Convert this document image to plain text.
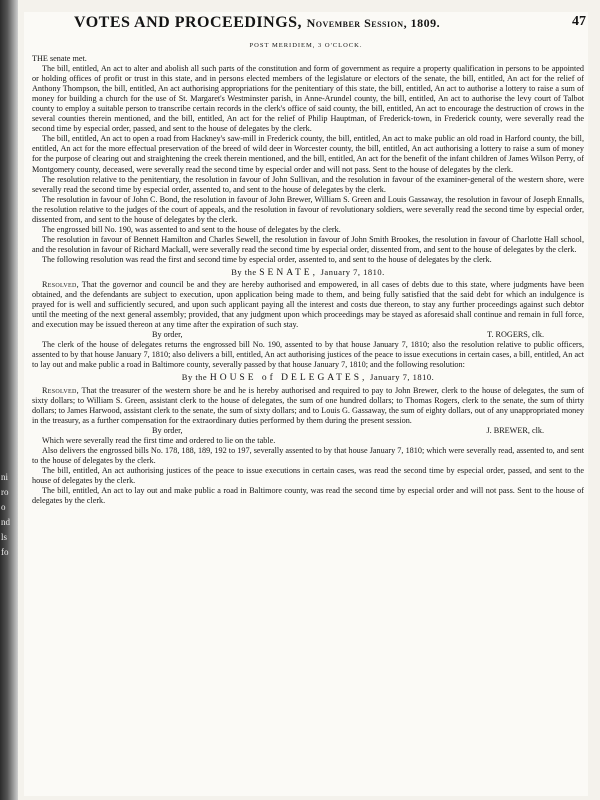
ni
ro
o
nd
ls
fo
VOTES AND PROCEEDINGS, November Session, 1809.	47
POST MERIDIEM, 3 O'CLOCK.

THE senate met.

The bill, entitled, An act to alter and abolish all such parts of the constitution and form of government as require a property qualification in persons to be appointed or holding offices of profit or trust in this state, and in persons elected members of the legislature or electors of the senate, the bill, entitled, An act for the relief of Anthony Thompson, the bill, entitled, An act authorising appropriations for the penitentiary of this state, the bill, entitled, An act to authorise a lottery to raise a sum of money for building a church for the use of St. Margaret's Westminster parish, in Anne-Arundel county, the bill, entitled, An act to authorise the levy court of Talbot county to employ a suitable person to transcribe certain records in the clerk's office of said county, the bill, entitled, An act to encourage the destruction of crows in the several counties therein mentioned, and the bill, entitled, An act for the relief of Philip Hauptman, of Frederick-town, in Frederick county, were severally read the second time by especial order, passed, and sent to the house of delegates by the clerk.

The bill, entitled, An act to open a road from Hackney's saw-mill in Frederick county, the bill, entitled, An act to make public an old road in Harford county, the bill, entitled, An act for the more effectual preservation of the breed of wild deer in Worcester county, the bill, entitled, An act authorising a lottery to raise a sum of money for the purpose of clearing out and straightening the creek therein mentioned, and the bill, entitled, An act for the benefit of the infant children of James Wilson Perry, of Montgomery county, deceased, were severally read the second time by especial order and will not pass. Sent to the house of delegates by the clerk.

The resolution relative to the penitentiary, the resolution in favour of John Sullivan, and the resolution in favour of the examiner-general of the western shore, were severally read the second time by especial order, assented to, and sent to the house of delegates by the clerk.

The resolution in favour of John C. Bond, the resolution in favour of John Brewer, William S. Green and Louis Gassaway, the resolution in favour of Joseph Ennalls, the resolution relative to the judges of the court of appeals, and the resolution in favour of revolutionary soldiers, were severally read the second time by especial order, dissented from, and sent to the house of delegates by the clerk.

The engrossed bill No. 190, was assented to and sent to the house of delegates by the clerk.

The resolution in favour of Bennett Hamilton and Charles Sewell, the resolution in favour of John Smith Brookes, the resolution in favour of Charlotte Hall school, and the resolution in favour of Richard Mackall, were severally read the second time by especial order, dissented from, and sent to the house of delegates by the clerk.

The following resolution was read the first and second time by especial order, assented to, and sent to the house of delegates by the clerk.

By the SENATE, January 7, 1810.

Resolved, That the governor and council be and they are hereby authorised and empowered, in all cases of debts due to this state, where judgments have been obtained, and the defendants are subject to execution, upon application being made to them, and being fully satisfied that the said debt for which an indulgence is prayed for is well and sufficiently secured, and upon such applicant paying all the interest and costs due thereon, to stay any further proceedings against such debtor until the meeting of the next general assembly; provided, that any judgment upon which proceedings may be stayed as aforesaid shall continue and remain in full force, and execution may be issued thereon at any time after the expiration of such stay.

By order,	T. ROGERS, clk.

The clerk of the house of delegates returns the engrossed bill No. 190, assented to by that house January 7, 1810; also the resolution relative to public officers, assented to by that house January 7, 1810; also delivers a bill, entitled, An act authorising justices of the peace to issue executions in certain cases, a bill, entitled, An act to lay out and make public a road in Baltimore county, severally passed by that house January 7, 1810; and the following resolution:

By the HOUSE of DELEGATES, January 7, 1810.

Resolved, That the treasurer of the western shore be and he is hereby authorised and required to pay to John Brewer, clerk to the house of delegates, the sum of sixty dollars; to William S. Green, assistant clerk to the house of delegates, the sum of one hundred dollars; to Thomas Rogers, clerk to the senate, the sum of thirty dollars; to James Harwood, assistant clerk to the senate, the sum of sixty dollars; and to Louis G. Gassaway, the sum of eighty dollars, out of any unappropriated money in the treasury, as a further compensation for the extraordinary duties performed by them during the present session.

By order,	J. BREWER, clk.

Which were severally read the first time and ordered to lie on the table.

Also delivers the engrossed bills No. 178, 188, 189, 192 to 197, severally assented to by that house January 7, 1810; which were severally read, assented to, and sent to the house of delegates by the clerk.

The bill, entitled, An act authorising justices of the peace to issue executions in certain cases, was read the second time by especial order, passed, and sent to the house of delegates by the clerk.

The bill, entitled, An act to lay out and make public a road in Baltimore county, was read the second time by especial order and will not pass. Sent to the house of delegates by the clerk.
